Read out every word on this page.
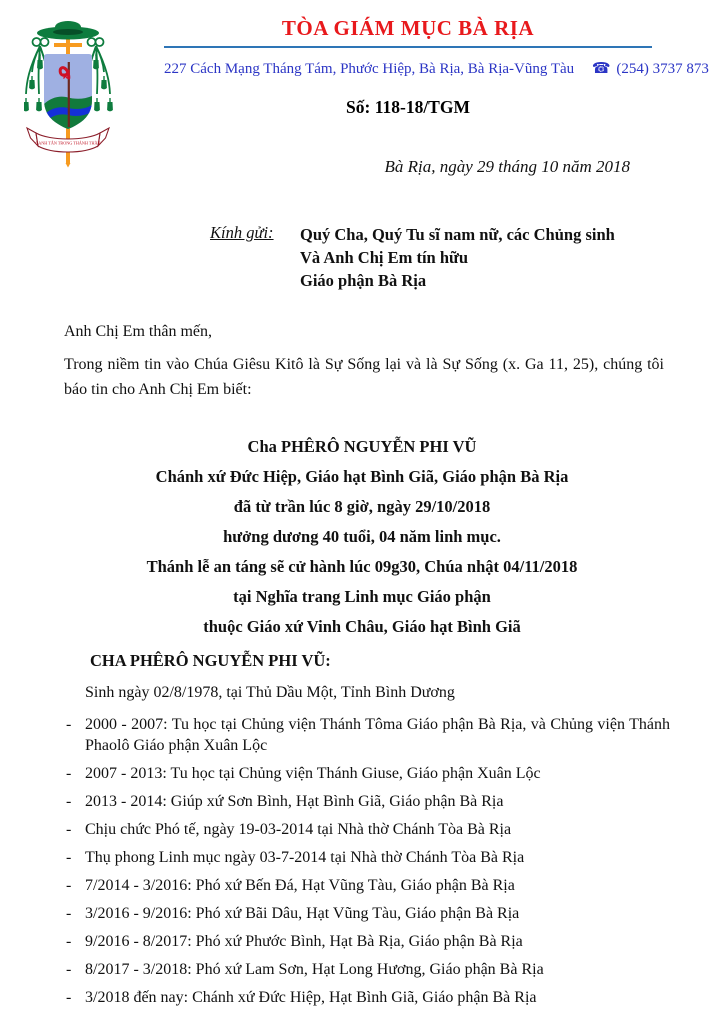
CANH TÂN TRONG THÁNH THẦN
TÒA GIÁM MỤC BÀ RỊA
227 Cách Mạng Tháng Tám, Phước Hiệp, Bà Rịa, Bà Rịa-Vũng Tàu ☎ (254) 3737 873
Số: 118-18/TGM
Bà Rịa, ngày 29 tháng 10 năm 2018
Kính gửi:	Quý Cha, Quý Tu sĩ nam nữ, các Chủng sinh
Và Anh Chị Em tín hữu
Giáo phận Bà Rịa

Anh Chị Em thân mến,

Trong niềm tin vào Chúa Giêsu Kitô là Sự Sống lại và là Sự Sống (x. Ga 11, 25), chúng tôi báo tin cho Anh Chị Em biết:

Cha PHÊRÔ NGUYỄN PHI VŨ
Chánh xứ Đức Hiệp, Giáo hạt Bình Giã, Giáo phận Bà Rịa
đã từ trần lúc 8 giờ, ngày 29/10/2018
hưởng dương 40 tuổi, 04 năm linh mục.
Thánh lễ an táng sẽ cử hành lúc 09g30, Chúa nhật 04/11/2018
tại Nghĩa trang Linh mục Giáo phận
thuộc Giáo xứ Vinh Châu, Giáo hạt Bình Giã
CHA PHÊRÔ NGUYỄN PHI VŨ:
Sinh ngày 02/8/1978, tại Thủ Dầu Một, Tỉnh Bình Dương
- 2000 - 2007: Tu học tại Chủng viện Thánh Tôma Giáo phận Bà Rịa, và Chủng viện Thánh Phaolô Giáo phận Xuân Lộc
- 2007 - 2013: Tu học tại Chủng viện Thánh Giuse, Giáo phận Xuân Lộc
- 2013 - 2014: Giúp xứ Sơn Bình, Hạt Bình Giã, Giáo phận Bà Rịa
- Chịu chức Phó tế, ngày 19-03-2014 tại Nhà thờ Chánh Tòa Bà Rịa
- Thụ phong Linh mục ngày 03-7-2014 tại Nhà thờ Chánh Tòa Bà Rịa
- 7/2014 - 3/2016: Phó xứ Bến Đá, Hạt Vũng Tàu, Giáo phận Bà Rịa
- 3/2016 - 9/2016: Phó xứ Bãi Dâu, Hạt Vũng Tàu, Giáo phận Bà Rịa
- 9/2016 - 8/2017: Phó xứ Phước Bình, Hạt Bà Rịa, Giáo phận Bà Rịa
- 8/2017 - 3/2018: Phó xứ Lam Sơn, Hạt Long Hương, Giáo phận Bà Rịa
- 3/2018 đến nay: Chánh xứ Đức Hiệp, Hạt Bình Giã, Giáo phận Bà Rịa
